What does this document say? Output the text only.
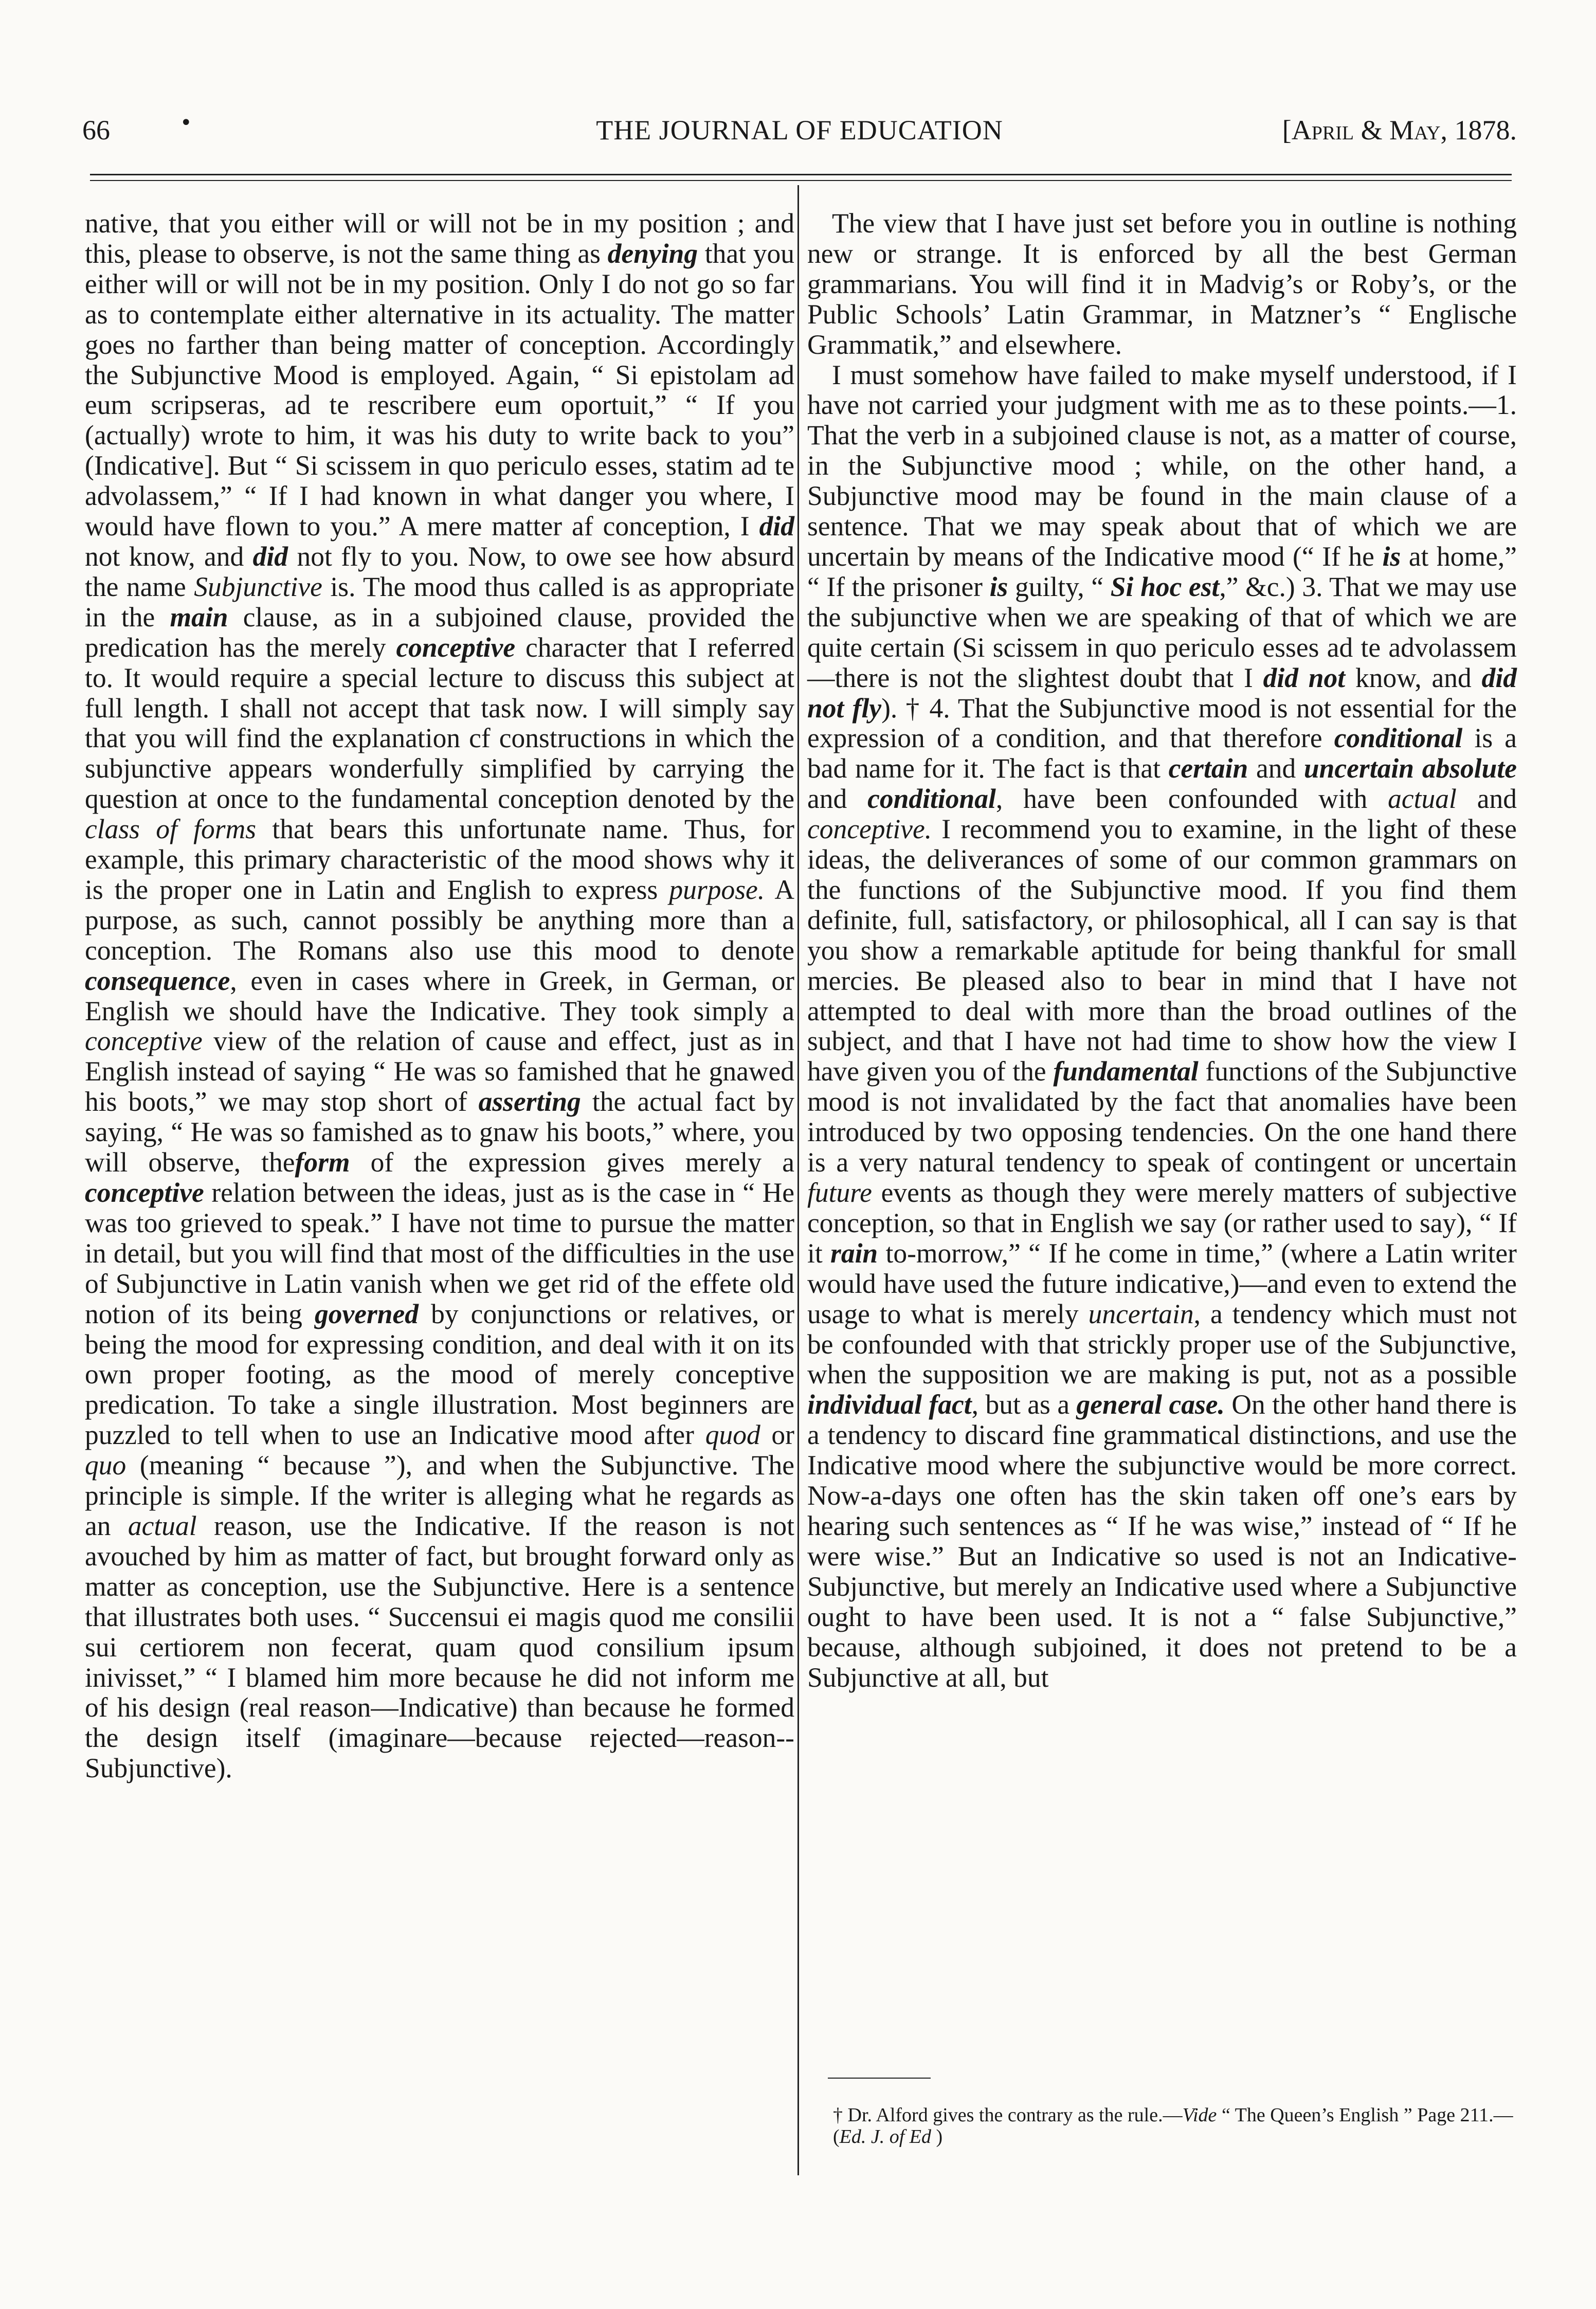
66	•	THE JOURNAL OF EDUCATION	[April & May, 1878.

native, that you either will or will not be in my position ; and this, please to observe, is not the same thing as denying that you either will or will not be in my position. Only I do not go so far as to contemplate either alternative in its actuality. The matter goes no farther than being matter of conception. Accordingly the Subjunctive Mood is employed. Again, “ Si epistolam ad eum scripseras, ad te rescribere eum oportuit,” “ If you (actually) wrote to him, it was his duty to write back to you” (Indicative]. But “ Si scissem in quo periculo esses, statim ad te advolassem,” “ If I had known in what danger you where, I would have flown to you.” A mere matter af conception, I did not know, and did not fly to you. Now, to owe see how absurd the name Subjunctive is. The mood thus called is as appropriate in the main clause, as in a subjoined clause, provided the predication has the merely conceptive character that I referred to. It would require a special lecture to discuss this subject at full length. I shall not accept that task now. I will simply say that you will find the explanation cf constructions in which the subjunctive appears wonderfully simplified by carrying the question at once to the fundamental conception denoted by the class of forms that bears this unfortunate name. Thus, for example, this primary characteristic of the mood shows why it is the proper one in Latin and English to express purpose. A purpose, as such, cannot possibly be anything more than a conception. The Romans also use this mood to denote consequence, even in cases where in Greek, in German, or English we should have the Indicative. They took simply a conceptive view of the relation of cause and effect, just as in English instead of saying “ He was so famished that he gnawed his boots,” we may stop short of asserting the actual fact by saying, “ He was so famished as to gnaw his boots,” where, you will observe, theform of the expression gives merely a conceptive relation between the ideas, just as is the case in “ He was too grieved to speak.” I have not time to pursue the matter in detail, but you will find that most of the difficulties in the use of Subjunctive in Latin vanish when we get rid of the effete old notion of its being governed by conjunctions or relatives, or being the mood for expressing condition, and deal with it on its own proper footing, as the mood of merely conceptive predication. To take a single illustration. Most beginners are puzzled to tell when to use an Indicative mood after quod or quo (meaning “ because ”), and when the Subjunctive. The principle is simple. If the writer is alleging what he regards as an actual reason, use the Indicative. If the reason is not avouched by him as matter of fact, but brought forward only as matter as conception, use the Subjunctive. Here is a sentence that illustrates both uses. “ Succensui ei magis quod me consilii sui certiorem non fecerat, quam quod consilium ipsum inivisset,” “ I blamed him more because he did not inform me of his design (real reason—Indicative) than because he formed the design itself (imaginare—because rejected—reason--Subjunctive).

The view that I have just set before you in outline is nothing new or strange. It is enforced by all the best German grammarians. You will find it in Madvig’s or Roby’s, or the Public Schools’ Latin Grammar, in Matzner’s “ Englische Grammatik,” and elsewhere.

I must somehow have failed to make myself understood, if I have not carried your judgment with me as to these points.—1. That the verb in a subjoined clause is not, as a matter of course, in the Subjunctive mood ; while, on the other hand, a Subjunctive mood may be found in the main clause of a sentence. That we may speak about that of which we are uncertain by means of the Indicative mood (“ If he is at home,” “ If the prisoner is guilty, “ Si hoc est,” &c.) 3. That we may use the subjunctive when we are speaking of that of which we are quite certain (Si scissem in quo periculo esses ad te advolassem—there is not the slightest doubt that I did not know, and did not fly). † 4. That the Subjunctive mood is not essential for the expression of a condition, and that therefore conditional is a bad name for it. The fact is that certain and uncertain absolute and conditional, have been confounded with actual and conceptive. I recommend you to examine, in the light of these ideas, the deliverances of some of our common grammars on the functions of the Subjunctive mood. If you find them definite, full, satisfactory, or philosophical, all I can say is that you show a remarkable aptitude for being thankful for small mercies. Be pleased also to bear in mind that I have not attempted to deal with more than the broad outlines of the subject, and that I have not had time to show how the view I have given you of the fundamental functions of the Subjunctive mood is not invalidated by the fact that anomalies have been introduced by two opposing tendencies. On the one hand there is a very natural tendency to speak of contingent or uncertain future events as though they were merely matters of subjective conception, so that in English we say (or rather used to say), “ If it rain to-morrow,” “ If he come in time,” (where a Latin writer would have used the future indicative,)—and even to extend the usage to what is merely uncertain, a tendency which must not be confounded with that strickly proper use of the Subjunctive, when the supposition we are making is put, not as a possible individual fact, but as a general case. On the other hand there is a tendency to discard fine grammatical distinctions, and use the Indicative mood where the subjunctive would be more correct. Now-a-days one often has the skin taken off one’s ears by hearing such sentences as “ If he was wise,” instead of “ If he were wise.” But an Indicative so used is not an Indicative-Subjunctive, but merely an Indicative used where a Subjunctive ought to have been used. It is not a “ false Subjunctive,” because, although subjoined, it does not pretend to be a Subjunctive at all, but

† Dr. Alford gives the contrary as the rule.—Vide “ The Queen’s English ” Page 211.—(Ed. J. of Ed )
